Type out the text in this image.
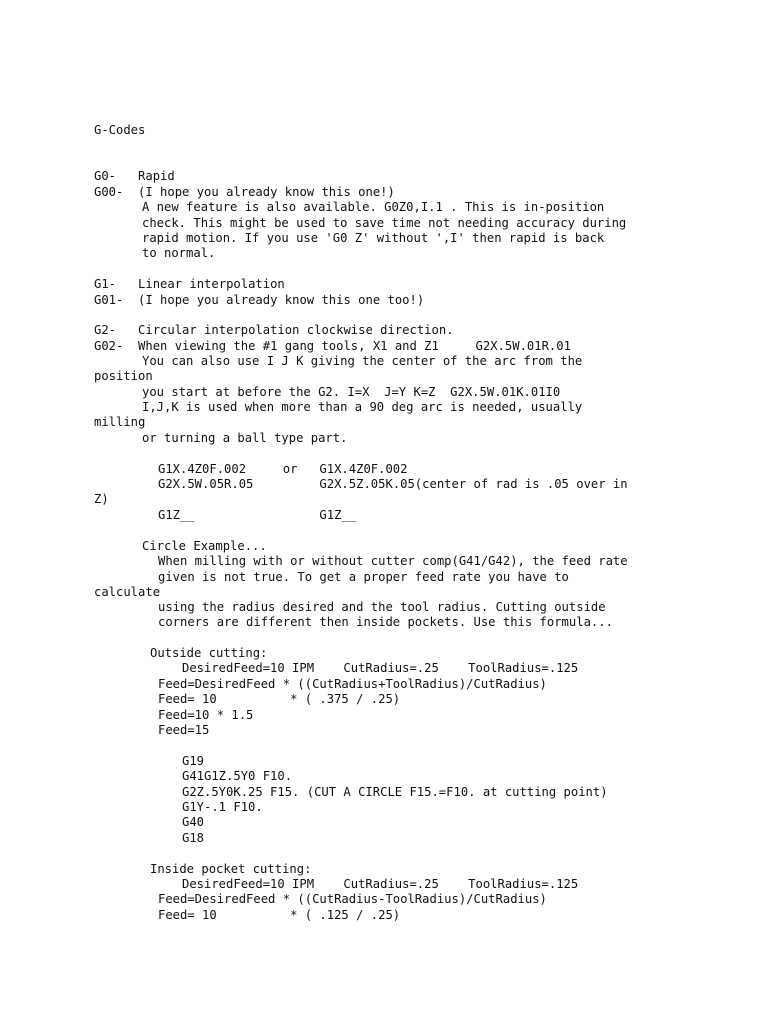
G-Codes
G0-   Rapid
G00-  (I hope you already know this one!)
A new feature is also available. G0Z0,I.1 . This is in-position
check. This might be used to save time not needing accuracy during
rapid motion. If you use 'G0 Z' without ',I' then rapid is back
to normal.
G1-   Linear interpolation
G01-  (I hope you already know this one too!)
G2-   Circular interpolation clockwise direction.
G02-  When viewing the #1 gang tools, X1 and Z1     G2X.5W.01R.01
You can also use I J K giving the center of the arc from the
position
you start at before the G2. I=X  J=Y K=Z  G2X.5W.01K.01I0
I,J,K is used when more than a 90 deg arc is needed, usually
milling
or turning a ball type part.
G1X.4Z0F.002     or   G1X.4Z0F.002
G2X.5W.05R.05         G2X.5Z.05K.05(center of rad is .05 over in
Z)
G1Z__                 G1Z__
Circle Example...
When milling with or without cutter comp(G41/G42), the feed rate
given is not true. To get a proper feed rate you have to
calculate
using the radius desired and the tool radius. Cutting outside
corners are different then inside pockets. Use this formula...
Outside cutting:
DesiredFeed=10 IPM    CutRadius=.25    ToolRadius=.125
Feed=DesiredFeed * ((CutRadius+ToolRadius)/CutRadius)
Feed= 10          * ( .375 / .25)
Feed=10 * 1.5
Feed=15
G19
G41G1Z.5Y0 F10.
G2Z.5Y0K.25 F15. (CUT A CIRCLE F15.=F10. at cutting point)
G1Y-.1 F10.
G40
G18
Inside pocket cutting:
DesiredFeed=10 IPM    CutRadius=.25    ToolRadius=.125
Feed=DesiredFeed * ((CutRadius-ToolRadius)/CutRadius)
Feed= 10          * ( .125 / .25)
